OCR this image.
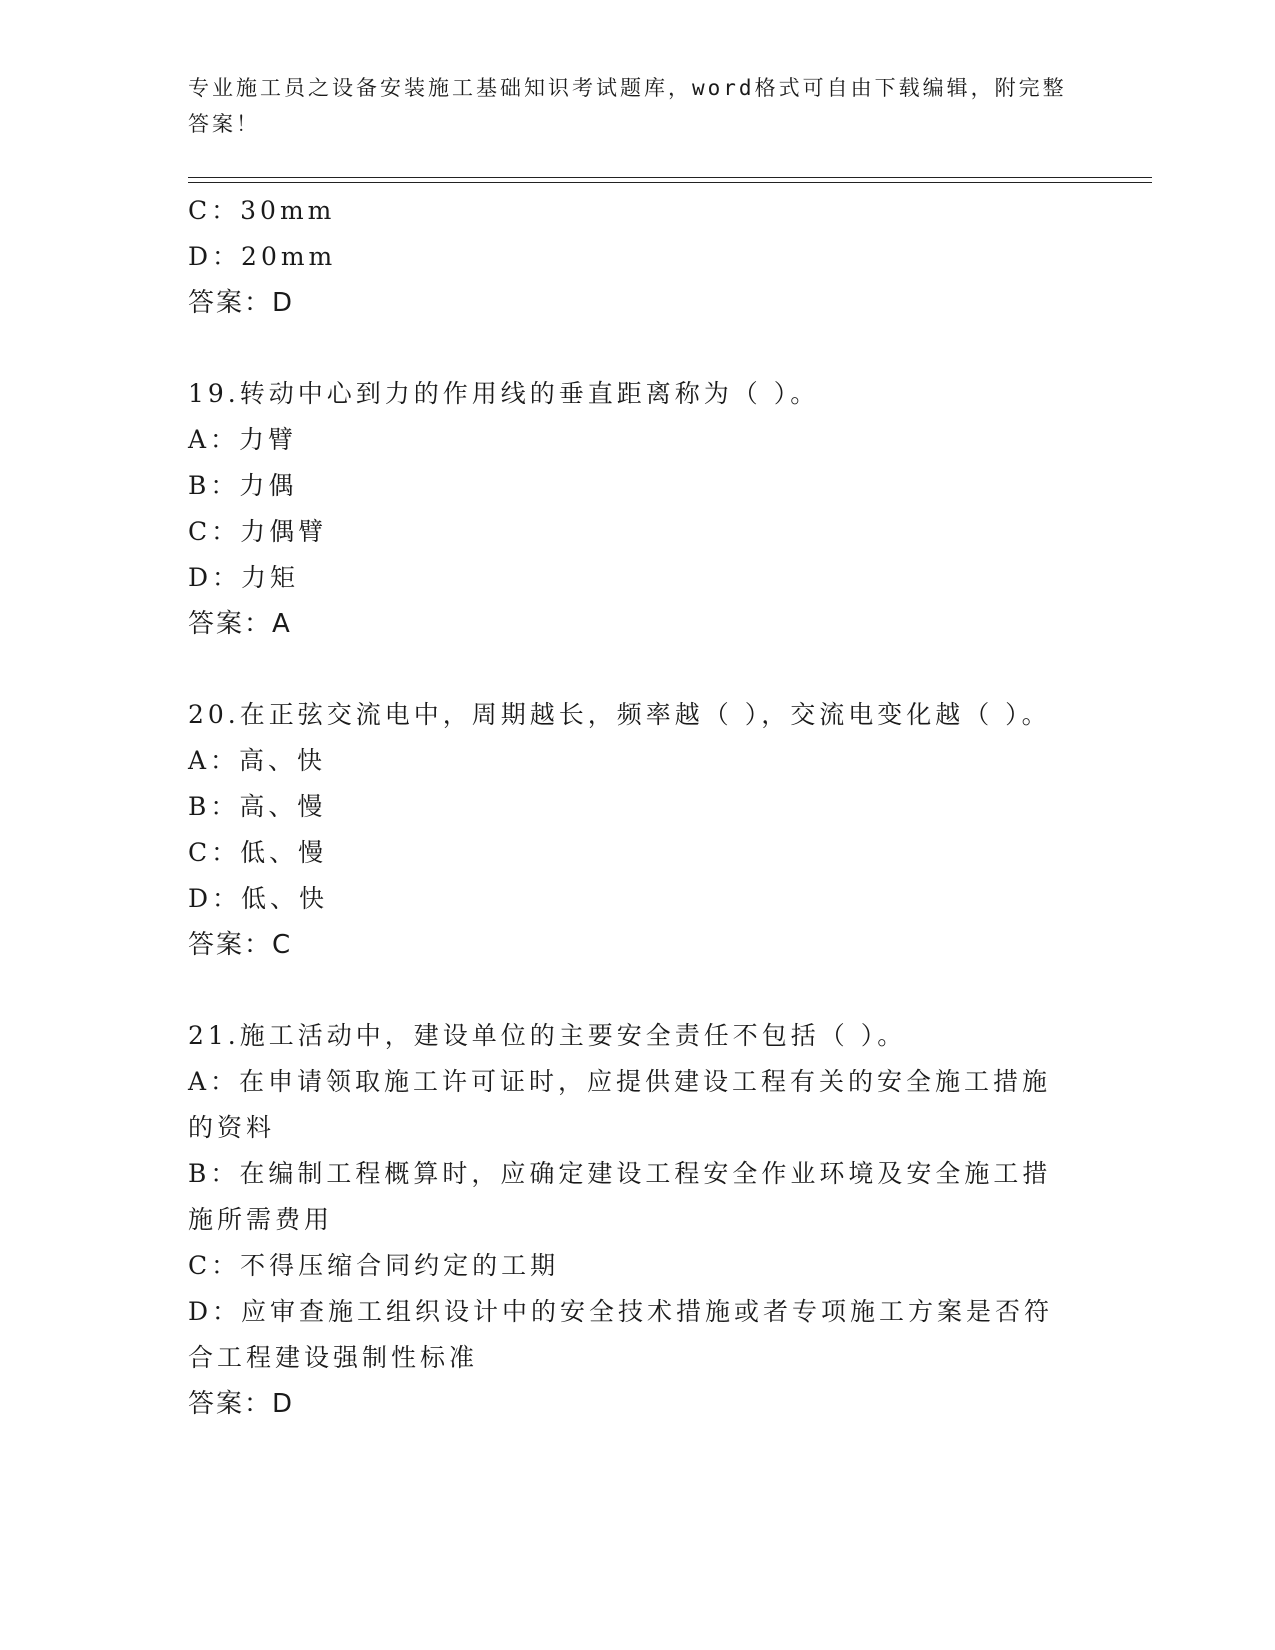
专业施工员之设备安装施工基础知识考试题库，word格式可自由下载编辑，附完整答案！
C：30mm
D：20mm
答案：D
19.转动中心到力的作用线的垂直距离称为（ ）。
A：力臂
B：力偶
C：力偶臂
D：力矩
答案：A
20.在正弦交流电中，周期越长，频率越（ ），交流电变化越（ ）。
A：高、快
B：高、慢
C：低、慢
D：低、快
答案：C
21.施工活动中，建设单位的主要安全责任不包括（ ）。
A：在申请领取施工许可证时，应提供建设工程有关的安全施工措施的资料
B：在编制工程概算时，应确定建设工程安全作业环境及安全施工措施所需费用
C：不得压缩合同约定的工期
D：应审查施工组织设计中的安全技术措施或者专项施工方案是否符合工程建设强制性标准
答案：D
